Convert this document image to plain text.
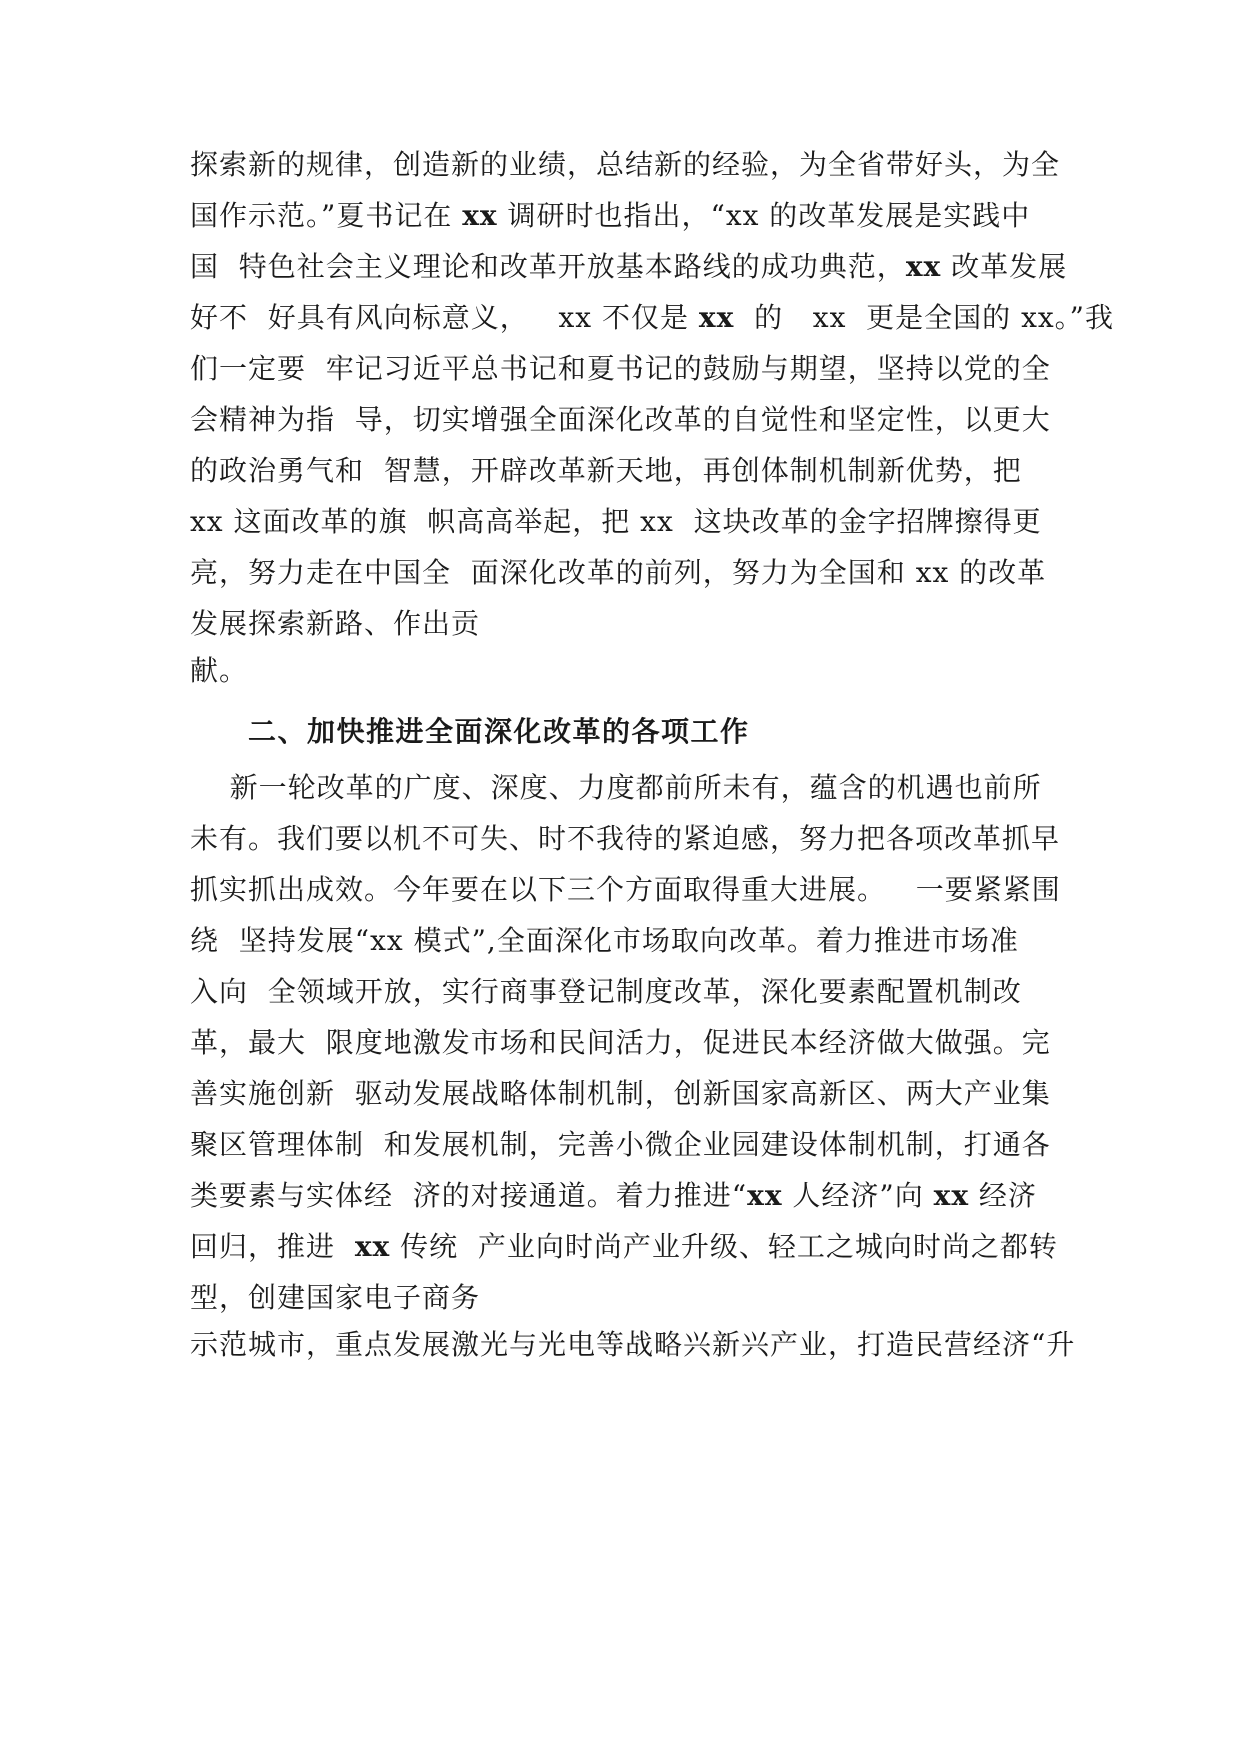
探索新的规律，创造新的业绩，总结新的经验，为全省带好头，为全
国作示范。”夏书记在 xx 调研时也指出，“xx 的改革发展是实践中
国  特色社会主义理论和改革开放基本路线的成功典范，xx 改革发展
好不  好具有风向标意义，   xx 不仅是 xx  的   xx  更是全国的 xx。”我
们一定要  牢记习近平总书记和夏书记的鼓励与期望，坚持以党的全
会精神为指  导，切实增强全面深化改革的自觉性和坚定性，以更大
的政治勇气和  智慧，开辟改革新天地，再创体制机制新优势，把
xx 这面改革的旗  帜高高举起，把 xx  这块改革的金字招牌擦得更
亮，努力走在中国全  面深化改革的前列，努力为全国和 xx 的改革
发展探索新路、作出贡
献。
二、加快推进全面深化改革的各项工作
新一轮改革的广度、深度、力度都前所未有，蕴含的机遇也前所
未有。我们要以机不可失、时不我待的紧迫感，努力把各项改革抓早
抓实抓出成效。今年要在以下三个方面取得重大进展。   一要紧紧围
绕  坚持发展“xx 模式”,全面深化市场取向改革。着力推进市场准
入向  全领域开放，实行商事登记制度改革，深化要素配置机制改
革，最大  限度地激发市场和民间活力，促进民本经济做大做强。完
善实施创新  驱动发展战略体制机制，创新国家高新区、两大产业集
聚区管理体制  和发展机制，完善小微企业园建设体制机制，打通各
类要素与实体经  济的对接通道。着力推进“xx 人经济”向 xx 经济
回归，推进  xx 传统  产业向时尚产业升级、轻工之城向时尚之都转
型，创建国家电子商务
示范城市，重点发展激光与光电等战略兴新兴产业，打造民营经济“升
